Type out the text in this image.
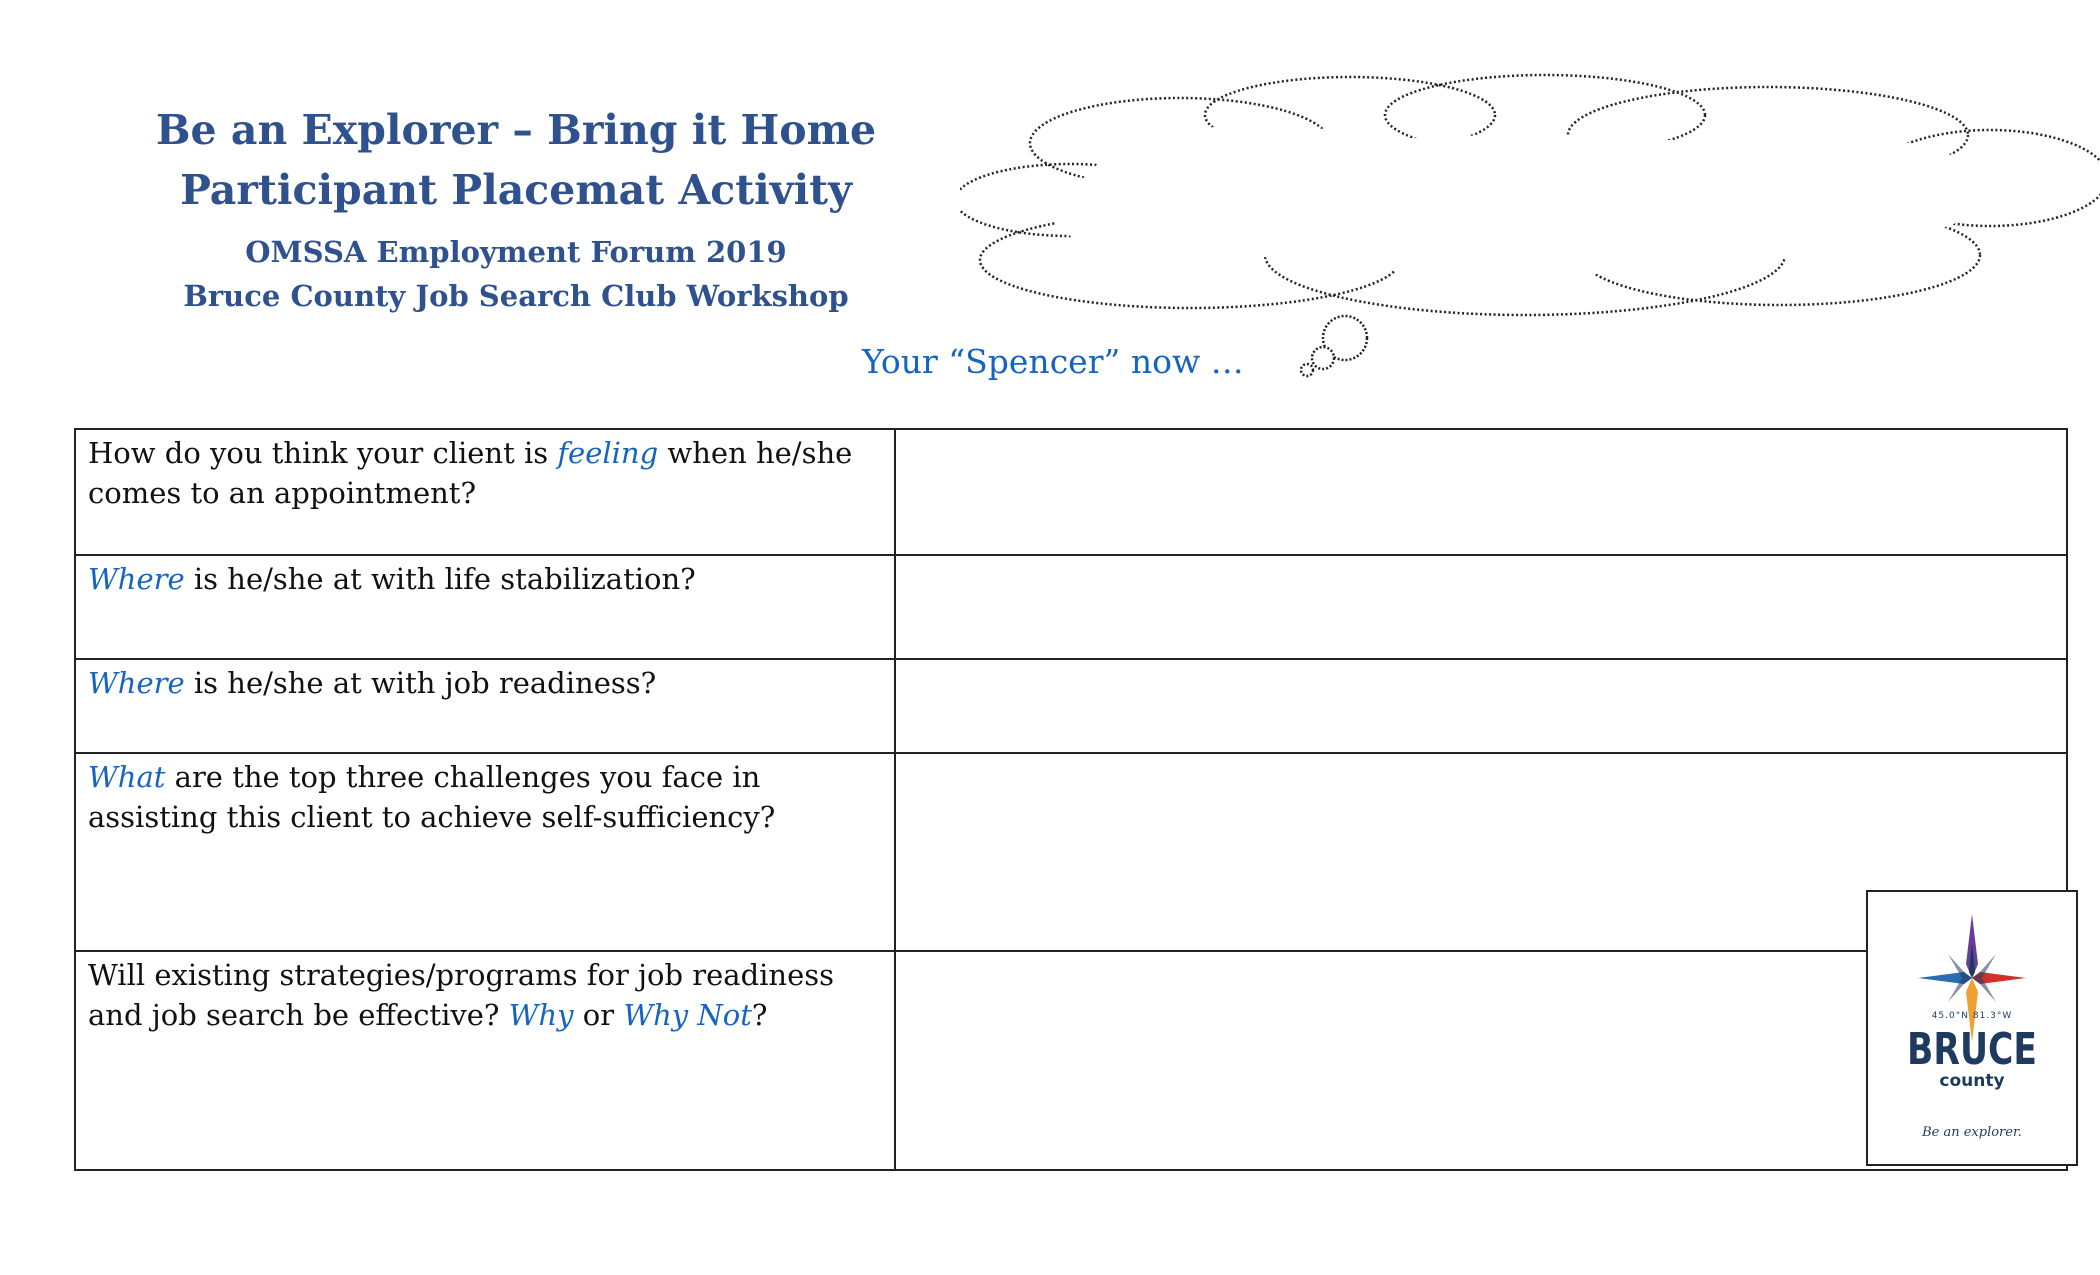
Be an Explorer – Bring it Home
Participant Placemat Activity
OMSSA Employment Forum 2019
Bruce County Job Search Club Workshop
Your “Spencer” now …
How do you think your client is feeling when he/she comes to an appointment?
Where is he/she at with life stabilization?
Where is he/she at with job readiness?
What are the top three challenges you face in assisting this client to achieve self-sufficiency?
Will existing strategies/programs for job readiness and job search be effective? Why or Why Not?	45.0°N 81.3°W
BRUCE
county
Be an explorer.
